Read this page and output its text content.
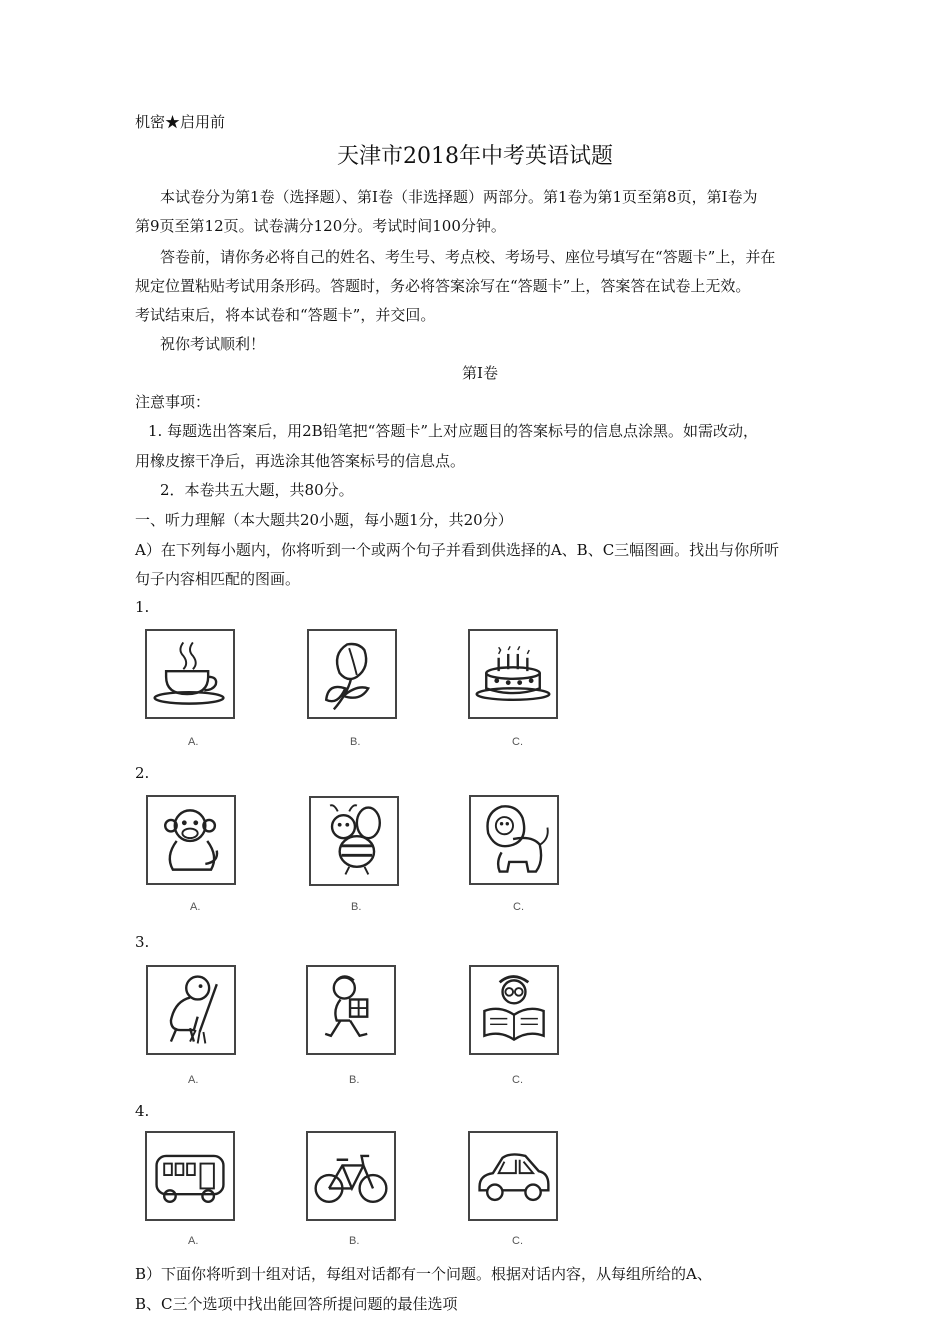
机密★启用前
天津市2018年中考英语试题
本试卷分为第1卷（选择题）、第I卷（非选择题）两部分。第1卷为第1页至第8页，第I卷为
第9页至第12页。试卷满分120分。考试时间100分钟。
答卷前，请你务必将自己的姓名、考生号、考点校、考场号、座位号填写在“答题卡”上，并在
规定位置粘贴考试用条形码。答题时，务必将答案涂写在“答题卡”上，答案答在试卷上无效。
考试结束后，将本试卷和“答题卡”，并交回。
祝你考试顺利！
第Ⅰ卷
注意事项：
1. 每题选出答案后，用2B铅笔把“答题卡”上对应题目的答案标号的信息点涂黑。如需改动，
用橡皮擦干净后，再选涂其他答案标号的信息点。
2．本卷共五大题，共80分。
一、听力理解（本大题共20小题，每小题1分，共20分）
A）在下列每小题内，你将听到一个或两个句子并看到供选择的A、B、C三幅图画。找出与你所听
句子内容相匹配的图画。
1.
A.	B.	C.
2.
A.	B.	C.
3.
A.	B.	C.
4.
A.	B.	C.
B）下面你将听到十组对话，每组对话都有一个问题。根据对话内容，从每组所给的A、
B、C三个选项中找出能回答所提问题的最佳选项
